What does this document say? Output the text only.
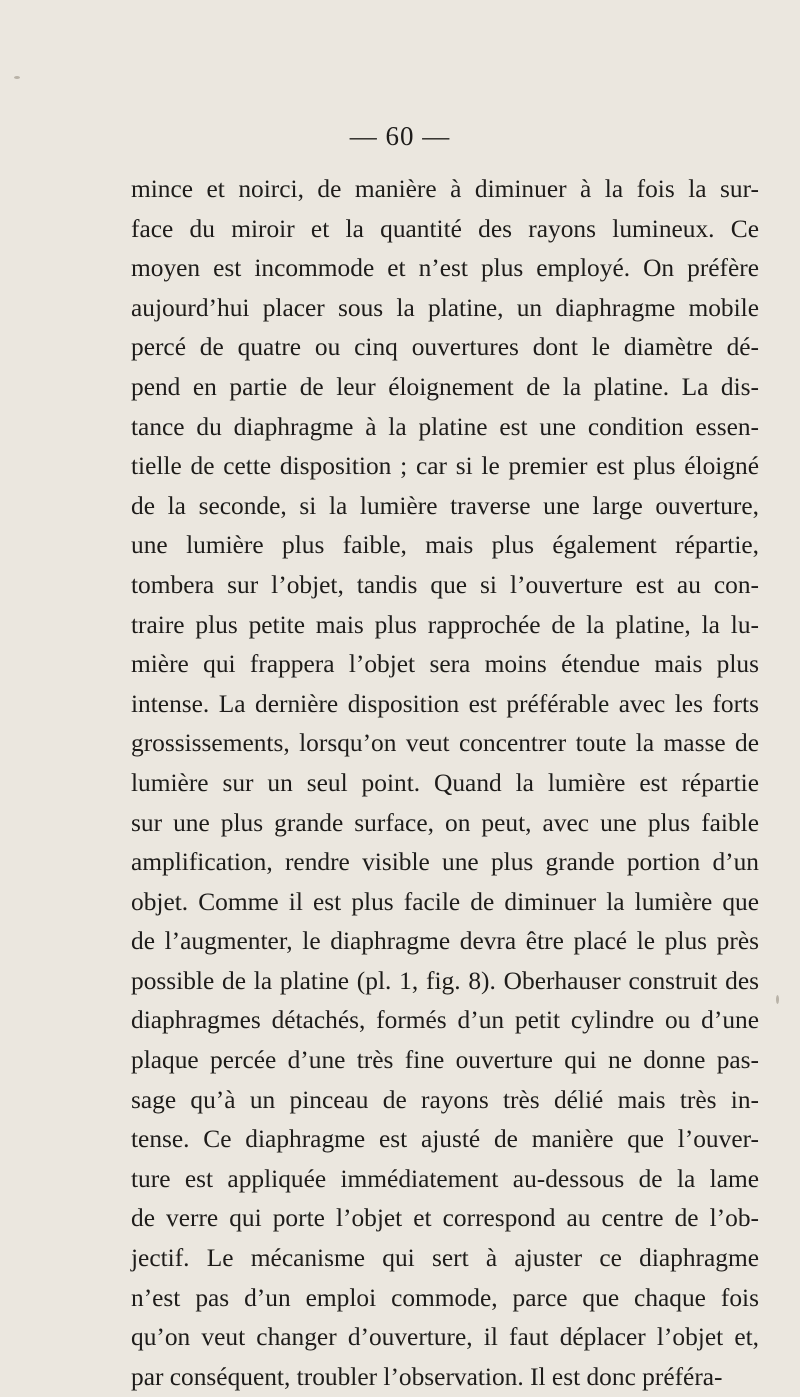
— 60 —
mince et noirci, de manière à diminuer à la fois la sur-
face du miroir et la quantité des rayons lumineux. Ce
moyen est incommode et n’est plus employé. On préfère
aujourd’hui placer sous la platine, un diaphragme mobile
percé de quatre ou cinq ouvertures dont le diamètre dé-
pend en partie de leur éloignement de la platine. La dis-
tance du diaphragme à la platine est une condition essen-
tielle de cette disposition ; car si le premier est plus éloigné
de la seconde, si la lumière traverse une large ouverture,
une lumière plus faible, mais plus également répartie,
tombera sur l’objet, tandis que si l’ouverture est au con-
traire plus petite mais plus rapprochée de la platine, la lu-
mière qui frappera l’objet sera moins étendue mais plus
intense. La dernière disposition est préférable avec les forts
grossissements, lorsqu’on veut concentrer toute la masse de
lumière sur un seul point. Quand la lumière est répartie
sur une plus grande surface, on peut, avec une plus faible
amplification, rendre visible une plus grande portion d’un
objet. Comme il est plus facile de diminuer la lumière que
de l’augmenter, le diaphragme devra être placé le plus près
possible de la platine (pl. 1, fig. 8). Oberhauser construit des
diaphragmes détachés, formés d’un petit cylindre ou d’une
plaque percée d’une très fine ouverture qui ne donne pas-
sage qu’à un pinceau de rayons très délié mais très in-
tense. Ce diaphragme est ajusté de manière que l’ouver-
ture est appliquée immédiatement au-dessous de la lame
de verre qui porte l’objet et correspond au centre de l’ob-
jectif. Le mécanisme qui sert à ajuster ce diaphragme
n’est pas d’un emploi commode, parce que chaque fois
qu’on veut changer d’ouverture, il faut déplacer l’objet et,
par conséquent, troubler l’observation. Il est donc préféra-
